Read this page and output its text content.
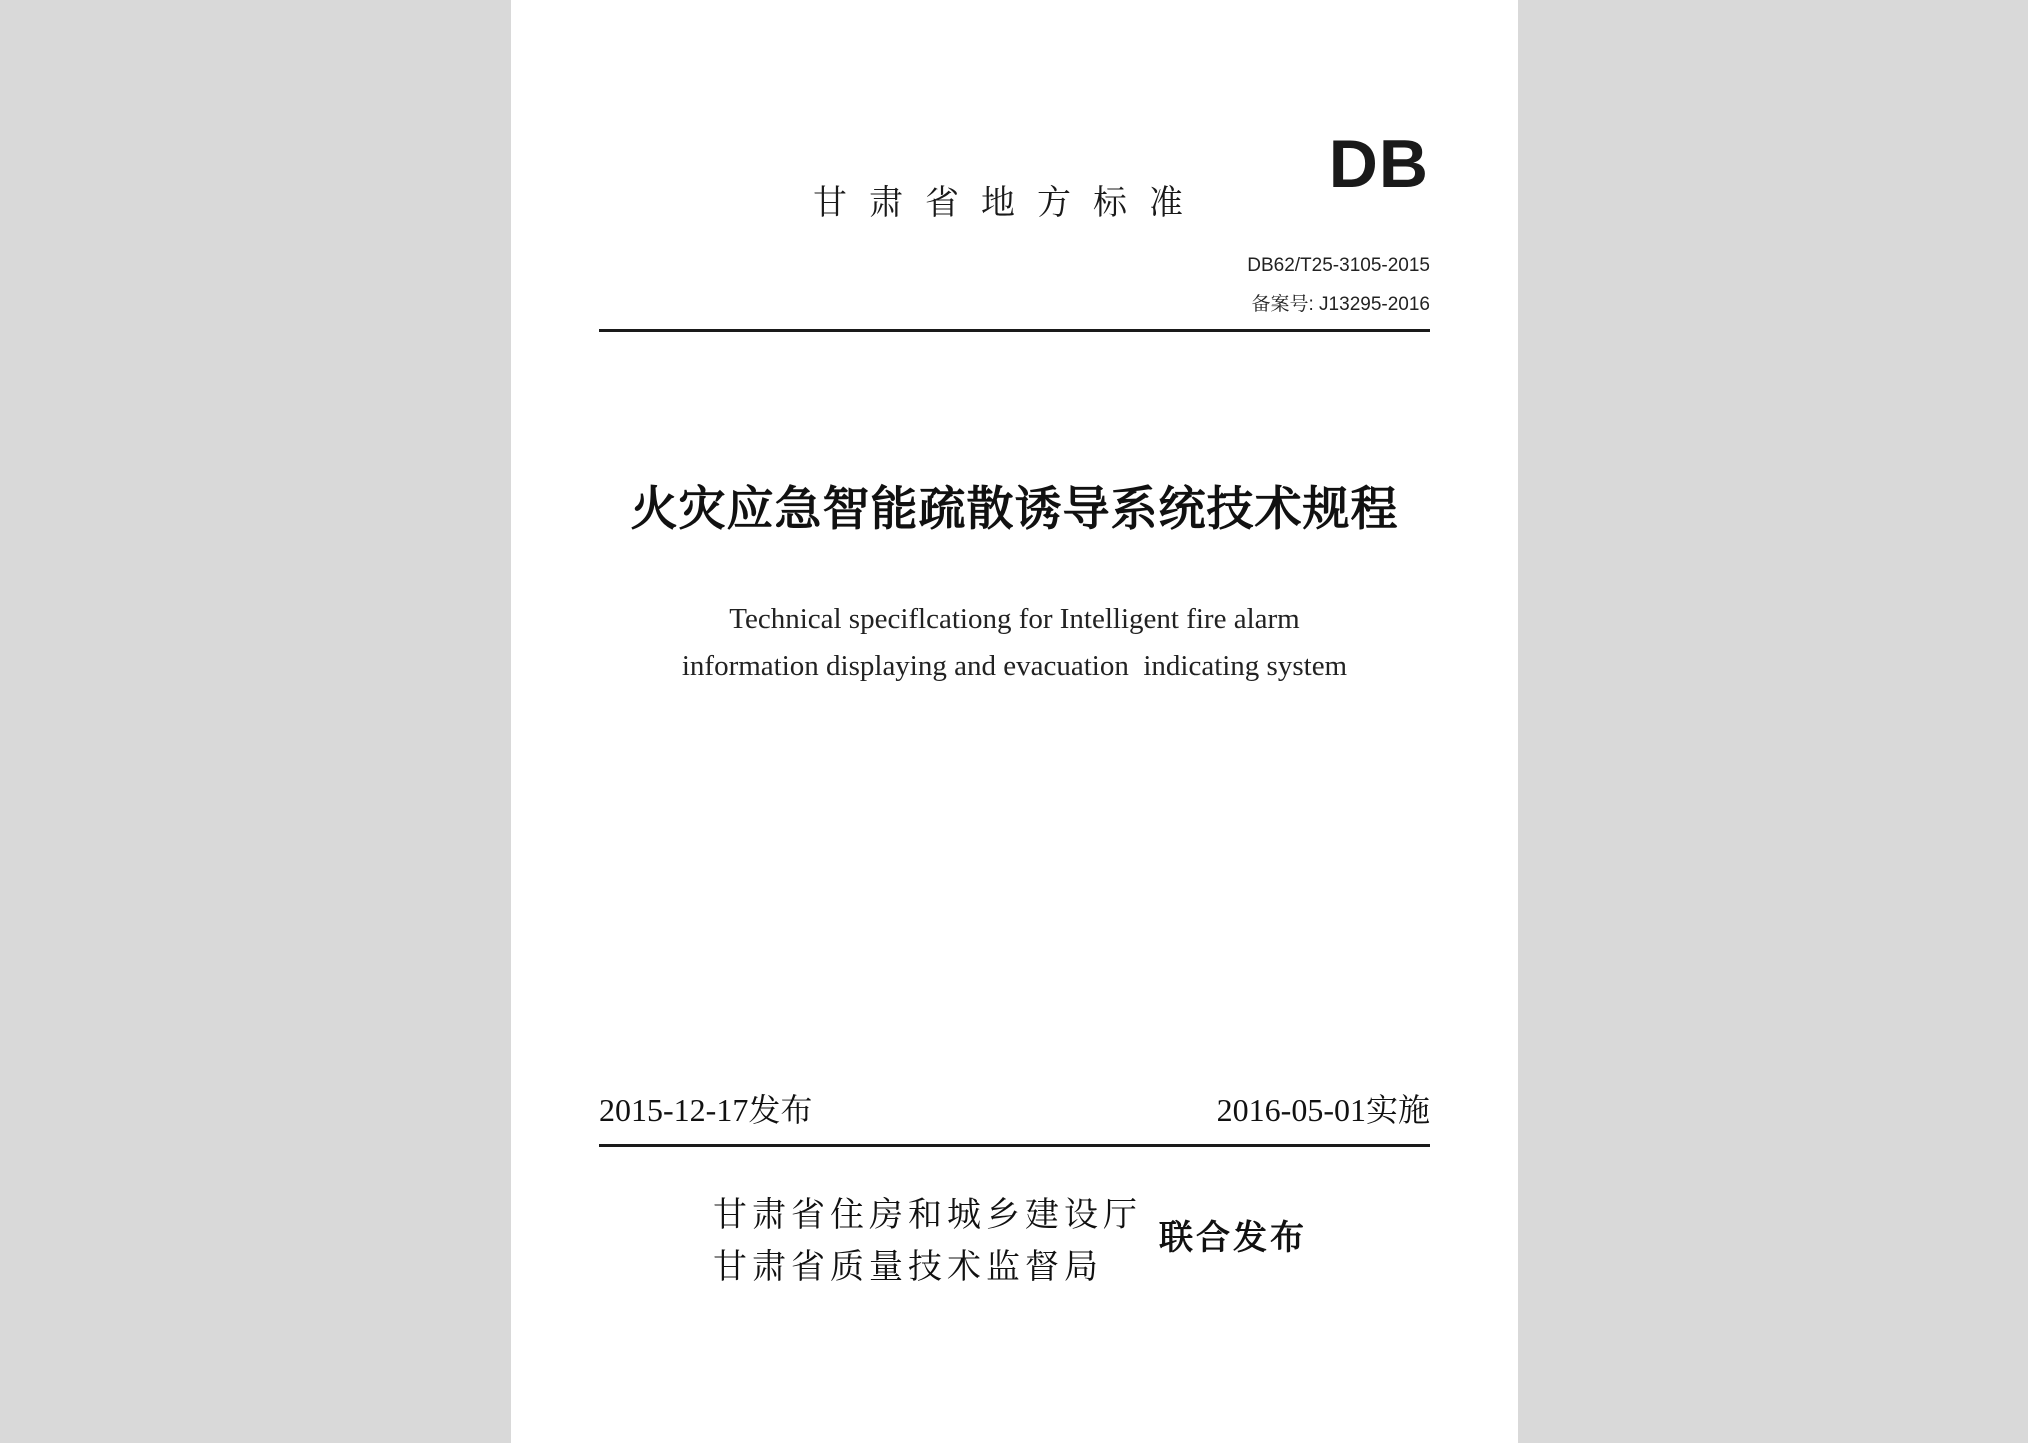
DB
甘肃省地方标准
DB62/T25-3105-2015
备案号: J13295-2016
火灾应急智能疏散诱导系统技术规程
Technical speciflcationg for Intelligent fire alarm
information displaying and evacuation  indicating system
2015-12-17发布	2016-05-01实施
甘肃省住房和城乡建设厅
甘肃省质量技术监督局
联合发布
